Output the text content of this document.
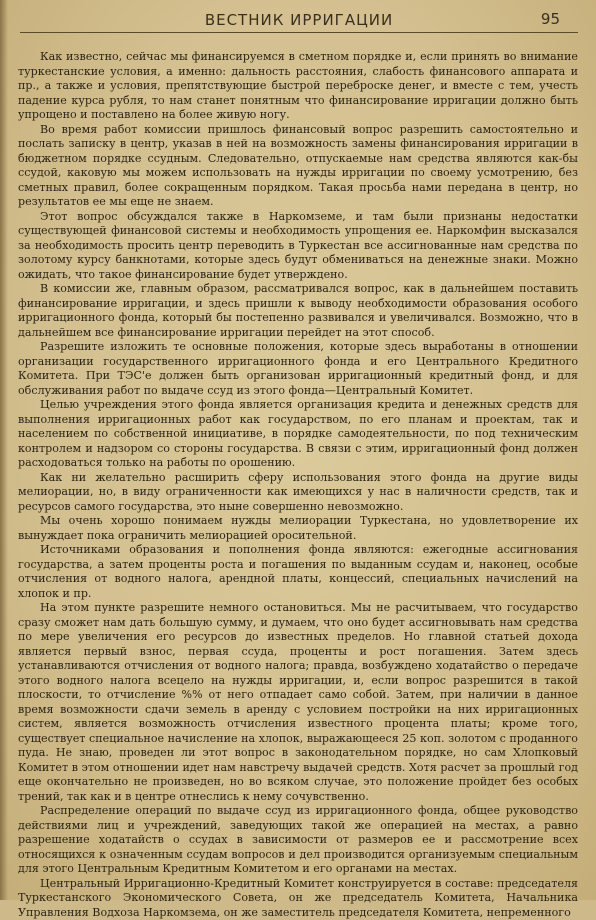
ВЕСТНИК ИРРИГАЦИИ	95

Как известно, сейчас мы финансируемся в сметном порядке и, если принять во внимание туркестанские условия, а именно: дальность расстояния, слабость финансового аппарата и пр., а также и условия, препятствующие быстрой переброске денег, и вместе с тем, учесть падение курса рубля, то нам станет понятным что финансирование ирригации должно быть упрощено и поставлено на более живую ногу.

Во время работ комиссии пришлось финансовый вопрос разрешить самостоятельно и послать записку в центр, указав в ней на возможность замены финансирования ирригации в бюджетном порядке ссудным. Следовательно, отпускаемые нам средства являются как-бы ссудой, каковую мы можем использовать на нужды ирригации по своему усмотрению, без сметных правил, более сокращенным порядком. Такая просьба нами передана в центр, но результатов ее мы еще не знаем.

Этот вопрос обсуждался также в Наркомземе, и там были признаны недостатки существующей финансовой системы и необходимость упрощения ее. Наркомфин высказался за необходимость просить центр переводить в Туркестан все ассигнованные нам средства по золотому курсу банкнотами, которые здесь будут обмениваться на денежные знаки. Можно ожидать, что такое финансирование будет утверждено.

В комиссии же, главным образом, рассматривался вопрос, как в дальнейшем поставить финансирование ирригации, и здесь пришли к выводу необходимости образования особого ирригационного фонда, который бы постепенно развивался и увеличивался. Возможно, что в дальнейшем все финансирование ирригации перейдет на этот способ.

Разрешите изложить те основные положения, которые здесь выработаны в отношении организации государственного ирригационного фонда и его Центрального Кредитного Комитета. При ТЭС'е должен быть организован ирригационный кредитный фонд, и для обслуживания работ по выдаче ссуд из этого фонда—Центральный Комитет.

Целью учреждения этого фонда является организация кредита и денежных средств для выполнения ирригационных работ как государством, по его планам и проектам, так и населением по собственной инициативе, в порядке самодеятельности, по под техническим контролем и надзором со стороны государства. В связи с этим, ирригационный фонд должен расходоваться только на работы по орошению.

Как ни желательно расширить сферу использования этого фонда на другие виды мелиорации, но, в виду ограниченности как имеющихся у нас в наличности средств, так и ресурсов самого государства, это ныне совершенно невозможно.

Мы очень хорошо понимаем нужды мелиорации Туркестана, но удовлетворение их вынуждает пока ограничить мелиорацией оросительной.

Источниками образования и пополнения фонда являются: ежегодные ассигнования государства, а затем проценты роста и погашения по выданным ссудам и, наконец, особые отчисления от водного налога, арендной платы, концессий, специальных начислений на хлопок и пр.

На этом пункте разрешите немного остановиться. Мы не расчитываем, что государство сразу сможет нам дать большую сумму, и думаем, что оно будет ассигновывать нам средства по мере увеличения его ресурсов до известных пределов. Но главной статьей дохода является первый взнос, первая ссуда, проценты и рост погашения. Затем здесь устанавливаются отчисления от водного налога; правда, возбуждено ходатайство о передаче этого водного налога всецело на нужды ирригации, и, если вопрос разрешится в такой плоскости, то отчисление %% от него отпадает само собой. Затем, при наличии в данное время возможности сдачи земель в аренду с условием постройки на них ирригационных систем, является возможность отчисления известного процента платы; кроме того, существует специальное начисление на хлопок, выражающееся 25 коп. золотом с проданного пуда. Не знаю, проведен ли этот вопрос в законодательном порядке, но сам Хлопковый Комитет в этом отношении идет нам навстречу выдачей средств. Хотя расчет за прошлый год еще окончательно не произведен, но во всяком случае, это положение пройдет без особых трений, так как и в центре отнеслись к нему сочувственно.

Распределение операций по выдаче ссуд из ирригационного фонда, общее руководство действиями лиц и учреждений, заведующих такой же операцией на местах, а равно разрешение ходатайств о ссудах в зависимости от размеров ее и рассмотрение всех относящихся к означенным ссудам вопросов и дел производится организуемым специальным для этого Центральным Кредитным Комитетом и его органами на местах.

Центральный Ирригационно-Кредитный Комитет конструируется в составе: председателя Туркестанского Экономического Совета, он же председатель Комитета, Начальника Управления Водхоза Наркомзема, он же заместитель председателя Комитета, непременного
